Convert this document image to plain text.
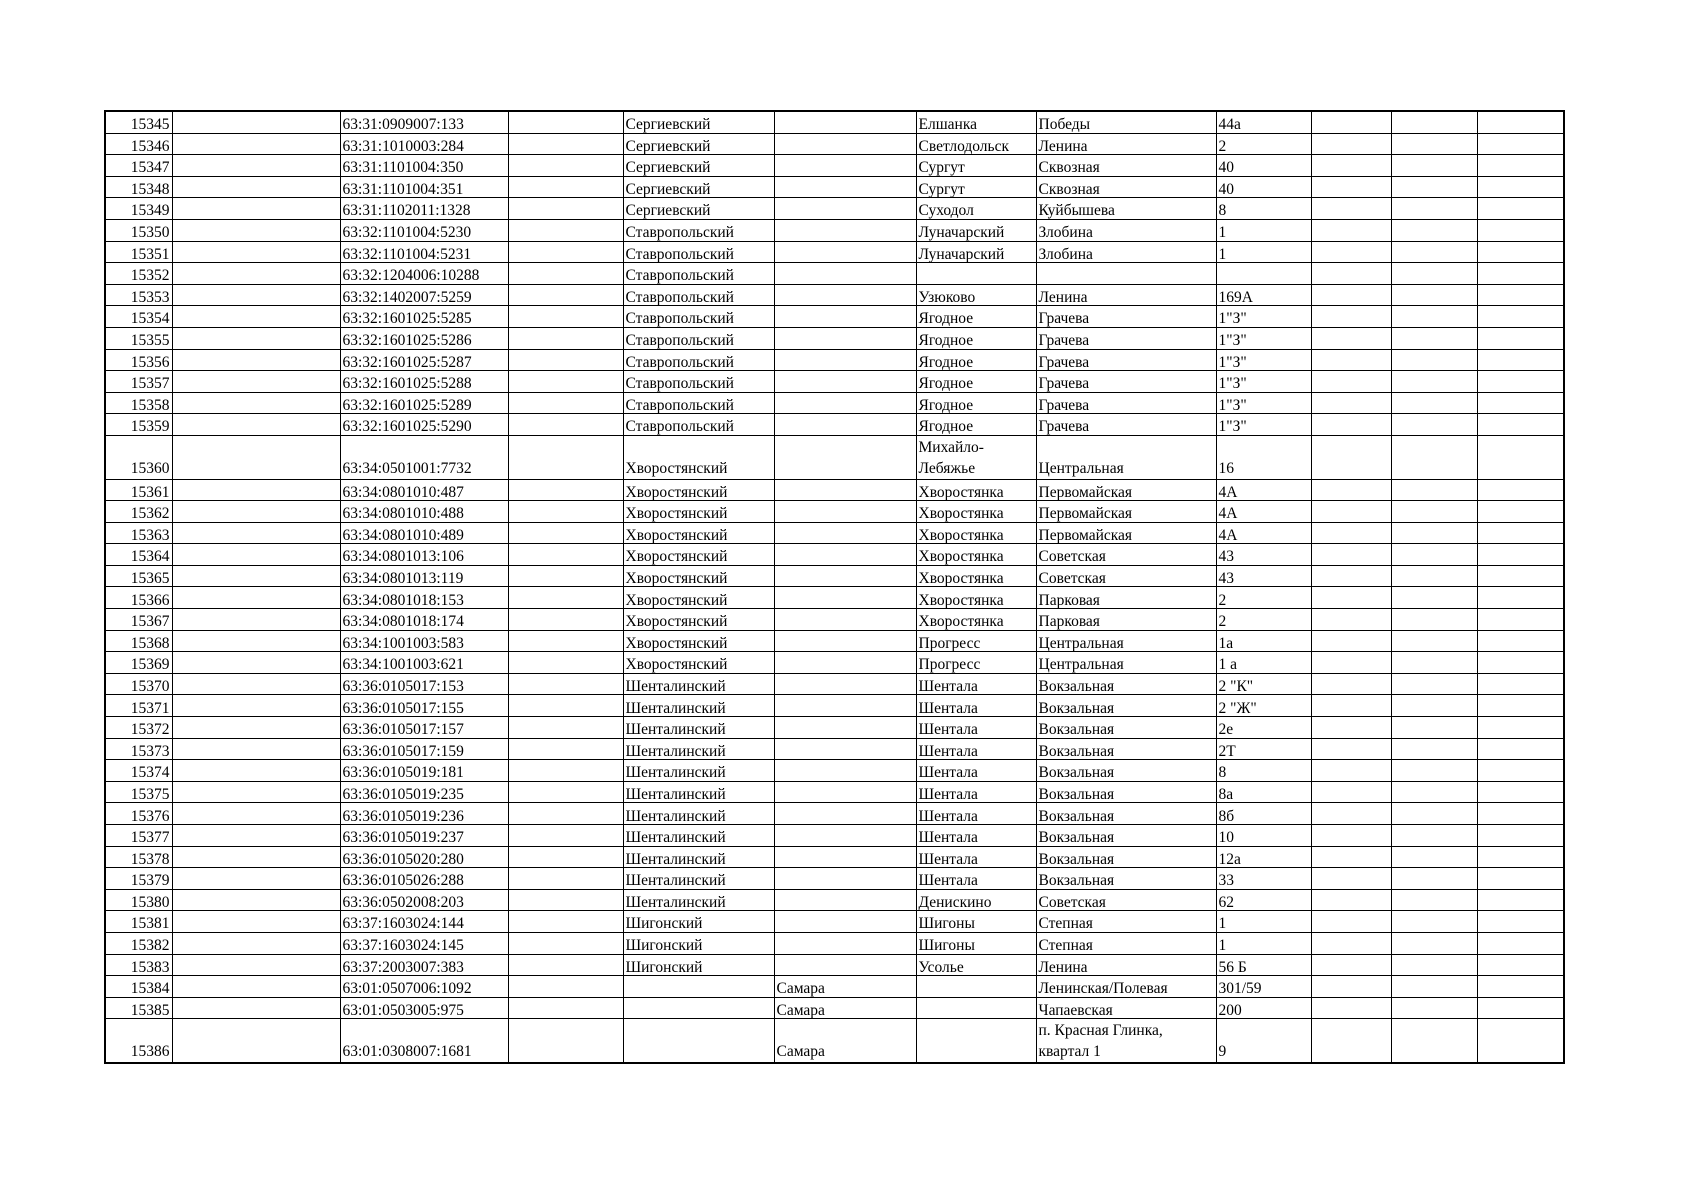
15345		63:31:0909007:133		Сергиевский		Елшанка	Победы	44а			
15346		63:31:1010003:284		Сергиевский		Светлодольск	Ленина	2			
15347		63:31:1101004:350		Сергиевский		Сургут	Сквозная	40			
15348		63:31:1101004:351		Сергиевский		Сургут	Сквозная	40			
15349		63:31:1102011:1328		Сергиевский		Суходол	Куйбышева	8			
15350		63:32:1101004:5230		Ставропольский		Луначарский	Злобина	1			
15351		63:32:1101004:5231		Ставропольский		Луначарский	Злобина	1			
15352		63:32:1204006:10288		Ставропольский							
15353		63:32:1402007:5259		Ставропольский		Узюково	Ленина	169А			
15354		63:32:1601025:5285		Ставропольский		Ягодное	Грачева	1"З"			
15355		63:32:1601025:5286		Ставропольский		Ягодное	Грачева	1"З"			
15356		63:32:1601025:5287		Ставропольский		Ягодное	Грачева	1"З"			
15357		63:32:1601025:5288		Ставропольский		Ягодное	Грачева	1"З"			
15358		63:32:1601025:5289		Ставропольский		Ягодное	Грачева	1"З"			
15359		63:32:1601025:5290		Ставропольский		Ягодное	Грачева	1"З"			
15360		63:34:0501001:7732		Хворостянский		Михайло-Лебяжье	Центральная	16			
15361		63:34:0801010:487		Хворостянский		Хворостянка	Первомайская	4А			
15362		63:34:0801010:488		Хворостянский		Хворостянка	Первомайская	4А			
15363		63:34:0801010:489		Хворостянский		Хворостянка	Первомайская	4А			
15364		63:34:0801013:106		Хворостянский		Хворостянка	Советская	43			
15365		63:34:0801013:119		Хворостянский		Хворостянка	Советская	43			
15366		63:34:0801018:153		Хворостянский		Хворостянка	Парковая	2			
15367		63:34:0801018:174		Хворостянский		Хворостянка	Парковая	2			
15368		63:34:1001003:583		Хворостянский		Прогресс	Центральная	1а			
15369		63:34:1001003:621		Хворостянский		Прогресс	Центральная	1 а			
15370		63:36:0105017:153		Шенталинский		Шентала	Вокзальная	2 "К"			
15371		63:36:0105017:155		Шенталинский		Шентала	Вокзальная	2 "Ж"			
15372		63:36:0105017:157		Шенталинский		Шентала	Вокзальная	2е			
15373		63:36:0105017:159		Шенталинский		Шентала	Вокзальная	2Т			
15374		63:36:0105019:181		Шенталинский		Шентала	Вокзальная	8			
15375		63:36:0105019:235		Шенталинский		Шентала	Вокзальная	8а			
15376		63:36:0105019:236		Шенталинский		Шентала	Вокзальная	8б			
15377		63:36:0105019:237		Шенталинский		Шентала	Вокзальная	10			
15378		63:36:0105020:280		Шенталинский		Шентала	Вокзальная	12а			
15379		63:36:0105026:288		Шенталинский		Шентала	Вокзальная	33			
15380		63:36:0502008:203		Шенталинский		Денискино	Советская	62			
15381		63:37:1603024:144		Шигонский		Шигоны	Степная	1			
15382		63:37:1603024:145		Шигонский		Шигоны	Степная	1			
15383		63:37:2003007:383		Шигонский		Усолье	Ленина	56 Б			
15384		63:01:0507006:1092			Самара		Ленинская/Полевая	301/59			
15385		63:01:0503005:975			Самара		Чапаевская	200			
15386		63:01:0308007:1681			Самара		п. Красная Глинка, квартал 1	9			
